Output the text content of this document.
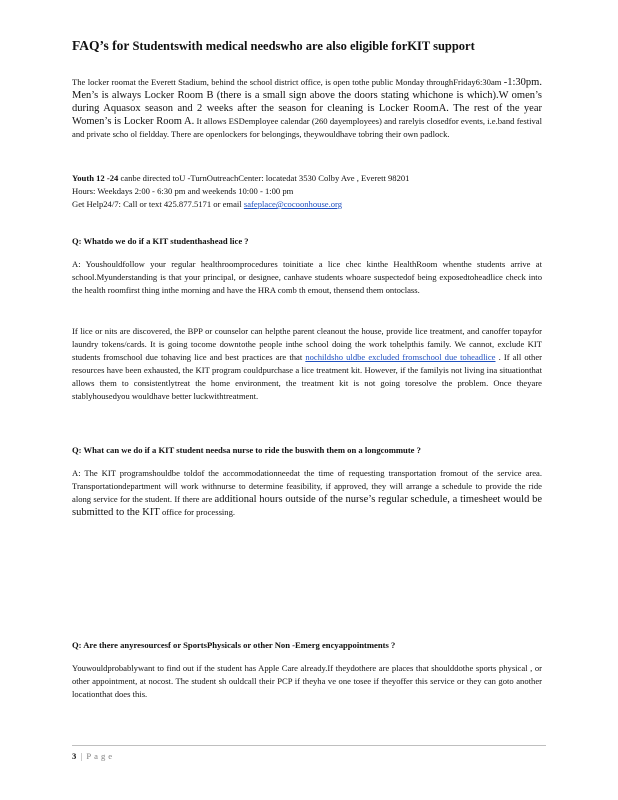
FAQ’s for Studentswith medical needswho are also eligible forKIT support
The locker roomat the Everett Stadium, behind the school district office, is open tothe public Monday throughFriday6:30am -1:30pm. Men’s is always Locker Room B (there is a small sign above the doors stating whichone is which).W omen’s during Aquasox season and 2 weeks after the season for cleaning is Locker RoomA. The rest of the year Women’s is Locker Room A. It allows ESDemployee calendar (260 dayemployees) and rarelyis closedfor events, i.e.band festival and private scho ol fieldday. There are openlockers for belongings, theywouldhave tobring their own padlock.
Youth 12 -24 canbe directed toU -TurnOutreachCenter: locatedat 3530 Colby Ave , Everett 98201
Hours: Weekdays 2:00 - 6:30 pm and weekends 10:00 - 1:00 pm
Get Help24/7: Call or text 425.877.5171 or email safeplace@cocoonhouse.org
Q: Whatdo we do if a KIT studenthashead lice ?
A: Youshouldfollow your regular healthroomprocedures toinitiate a lice chec kinthe HealthRoom whenthe students arrive at school.Myunderstanding is that your principal, or designee, canhave students whoare suspectedof being exposedtoheadlice check into the health roomfirst thing inthe morning and have the HRA comb th emout, thensend them ontoclass.
If lice or nits are discovered, the BPP or counselor can helpthe parent cleanout the house, provide lice treatment, and canoffer topayfor laundry tokens/cards. It is going tocome downtothe people inthe school doing the work tohelpthis family. We cannot, exclude KIT students fromschool due tohaving lice and best practices are that nochildsho uldbe excluded fromschool due toheadlice . If all other resources have been exhausted, the KIT program couldpurchase a lice treatment kit. However, if the familyis not living ina situationthat allows them to consistentlytreat the home environment, the treatment kit is not going toresolve the problem. Once theyare stablyhousedyou wouldhave better luckwithtreatment.
Q: What can we do if a KIT student needsa nurse to ride the buswith them on a longcommute ?
A: The KIT programshouldbe toldof the accommodationneedat the time of requesting transportation fromout of the service area. Transportationdepartment will work withnurse to determine feasibility, if approved, they will arrange a schedule to provide the ride along service for the student. If there are additional hours outside of the nurse’s regular schedule, a timesheet would be submitted to the KIT office for processing.
Q: Are there anyresourcesf or SportsPhysicals or other Non -Emerg encyappointments ?
Youwouldprobablywant to find out if the student has Apple Care already.If theydothere are places that shoulddothe sports physical , or other appointment, at nocost. The student sh ouldcall their PCP if theyha ve one tosee if theyoffer this service or they can goto another locationthat does this.
3 | Page
